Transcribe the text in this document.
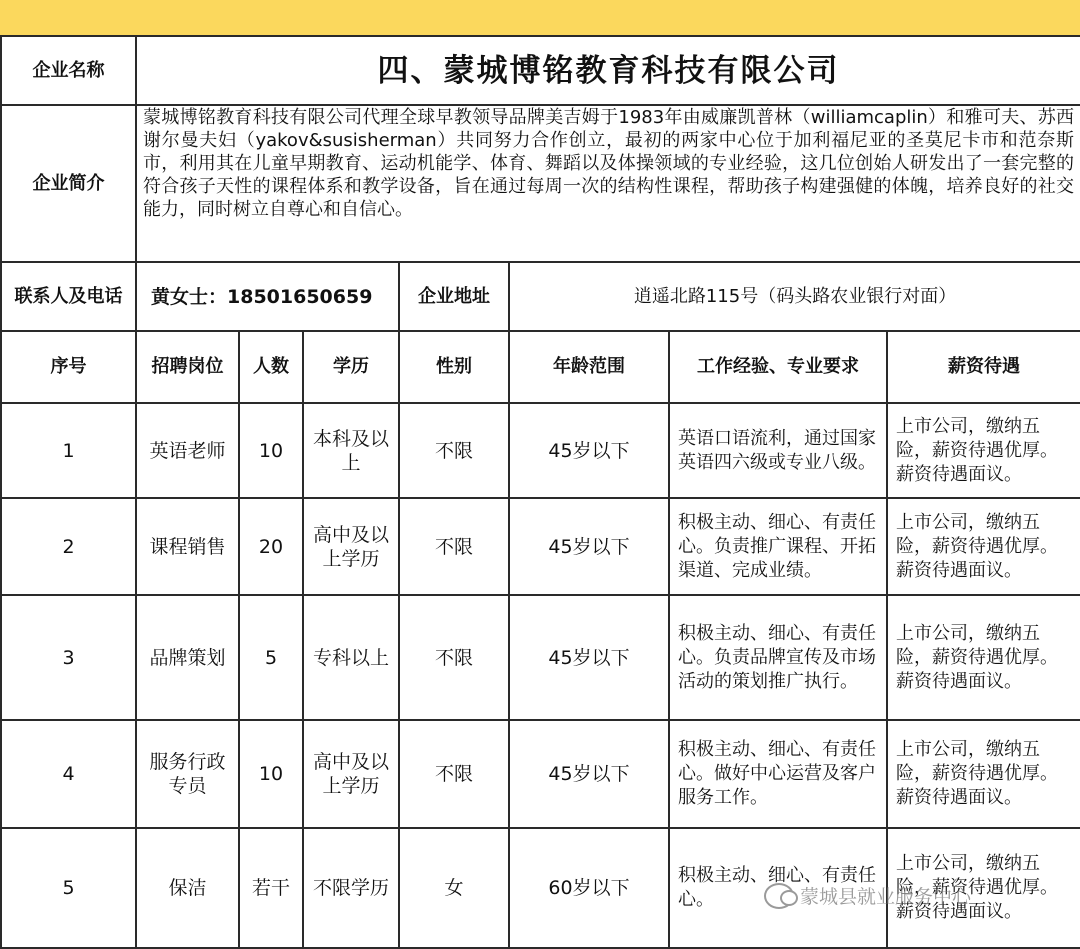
企业名称	四、蒙城博铭教育科技有限公司						
企业简介	蒙城博铭教育科技有限公司代理全球早教领导品牌美吉姆于1983年由威廉凯普林（williamcaplin）和雅可夫、苏西谢尔曼夫妇（yakov&susisherman）共同努力合作创立，最初的两家中心位于加利福尼亚的圣莫尼卡市和范奈斯市，利用其在儿童早期教育、运动机能学、体育、舞蹈以及体操领域的专业经验，这几位创始人研发出了一套完整的符合孩子天性的课程体系和教学设备，旨在通过每周一次的结构性课程，帮助孩子构建强健的体魄，培养良好的社交能力，同时树立自尊心和自信心。						
联系人及电话	黄女士：18501650659			企业地址	逍遥北路115号（码头路农业银行对面）		
序号	招聘岗位	人数	学历	性别	年龄范围	工作经验、专业要求	薪资待遇
1	英语老师	10	本科及以上	不限	45岁以下	英语口语流利，通过国家英语四六级或专业八级。	上市公司，缴纳五险，薪资待遇优厚。薪资待遇面议。

2	课程销售	20	高中及以上学历	不限	45岁以下	积极主动、细心、有责任心。负责推广课程、开拓渠道、完成业绩。	上市公司，缴纳五险，薪资待遇优厚。薪资待遇面议。

3	品牌策划	5	专科以上	不限	45岁以下	积极主动、细心、有责任心。负责品牌宣传及市场活动的策划推广执行。	上市公司，缴纳五险，薪资待遇优厚。薪资待遇面议。

4	服务行政专员	10	高中及以上学历	不限	45岁以下	积极主动、细心、有责任心。做好中心运营及客户服务工作。	上市公司，缴纳五险，薪资待遇优厚。薪资待遇面议。

5	保洁	若干	不限学历	女	60岁以下	积极主动、细心、有责任心。	上市公司，缴纳五险，薪资待遇优厚。薪资待遇面议。
蒙城县就业服务中心
